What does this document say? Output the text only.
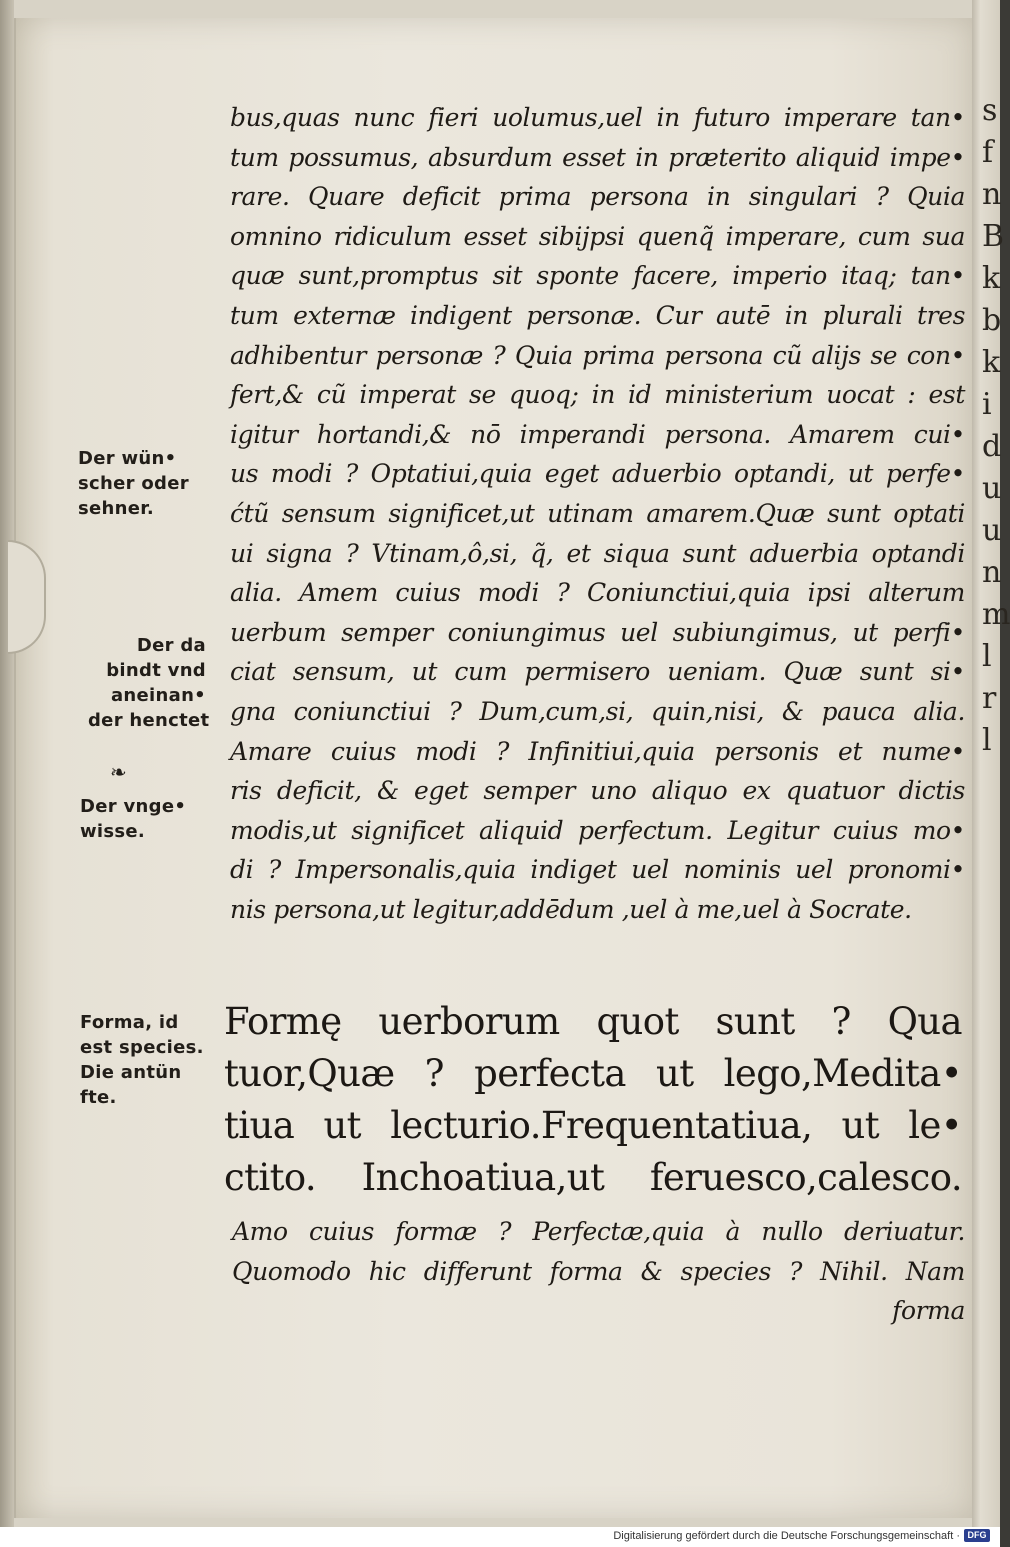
s
f
n
B
k
b
k
i
d
u
u
n
m
l
r
l
bus,quas nunc fieri uolumus,uel in futuro imperare tan•
tum possumus, absurdum esset in præterito aliquid impe•
rare. Quare deficit prima persona in singulari ? Quia
omnino ridiculum esset sibijpsi quenq̃ imperare, cum sua
quæ sunt,promptus sit sponte facere, imperio itaq; tan•
tum externæ indigent personæ. Cur autē in plurali tres
adhibentur personæ ? Quia prima persona cũ alijs se con•
fert,& cũ imperat se quoq; in id ministerium uocat : est
igitur hortandi,& nō imperandi persona. Amarem cui•
us modi ? Optatiui,quia eget aduerbio optandi, ut perfe•
ćtũ sensum significet,ut utinam amarem.Quæ sunt optati
ui signa ? Vtinam,ô,si, q̃, et siqua sunt aduerbia optandi
alia. Amem cuius modi ? Coniunctiui,quia ipsi alterum
uerbum semper coniungimus uel subiungimus, ut perfi•
ciat sensum, ut cum permisero ueniam. Quæ sunt si•
gna coniunctiui ? Dum,cum,si, quin,nisi, & pauca alia.
Amare cuius modi ? Infinitiui,quia personis et nume•
ris deficit, & eget semper uno aliquo ex quatuor dictis
modis,ut significet aliquid perfectum. Legitur cuius mo•
di ? Impersonalis,quia indiget uel nominis uel pronomi•
nis persona,ut legitur,addēdum ,uel à me,uel à Socrate.
Formę uerborum quot sunt ? Qua
tuor,Quæ ? perfecta ut lego,Medita•
tiua ut lecturio.Frequentatiua, ut le•
ctito. Inchoatiua,ut feruesco,calesco.
Amo cuius formæ ? Perfectæ,quia à nullo deriuatur.
Quomodo hic differunt forma & species ? Nihil. Nam
forma
Der wün•
scher oder
sehner.
Der da
bindt vnd
aneinan•
der henctet
❧
Der vnge•
wisse.
Forma, id
est species.
Die antün
fte.
Digitalisierung gefördert durch die Deutsche Forschungsgemeinschaft · DFG
